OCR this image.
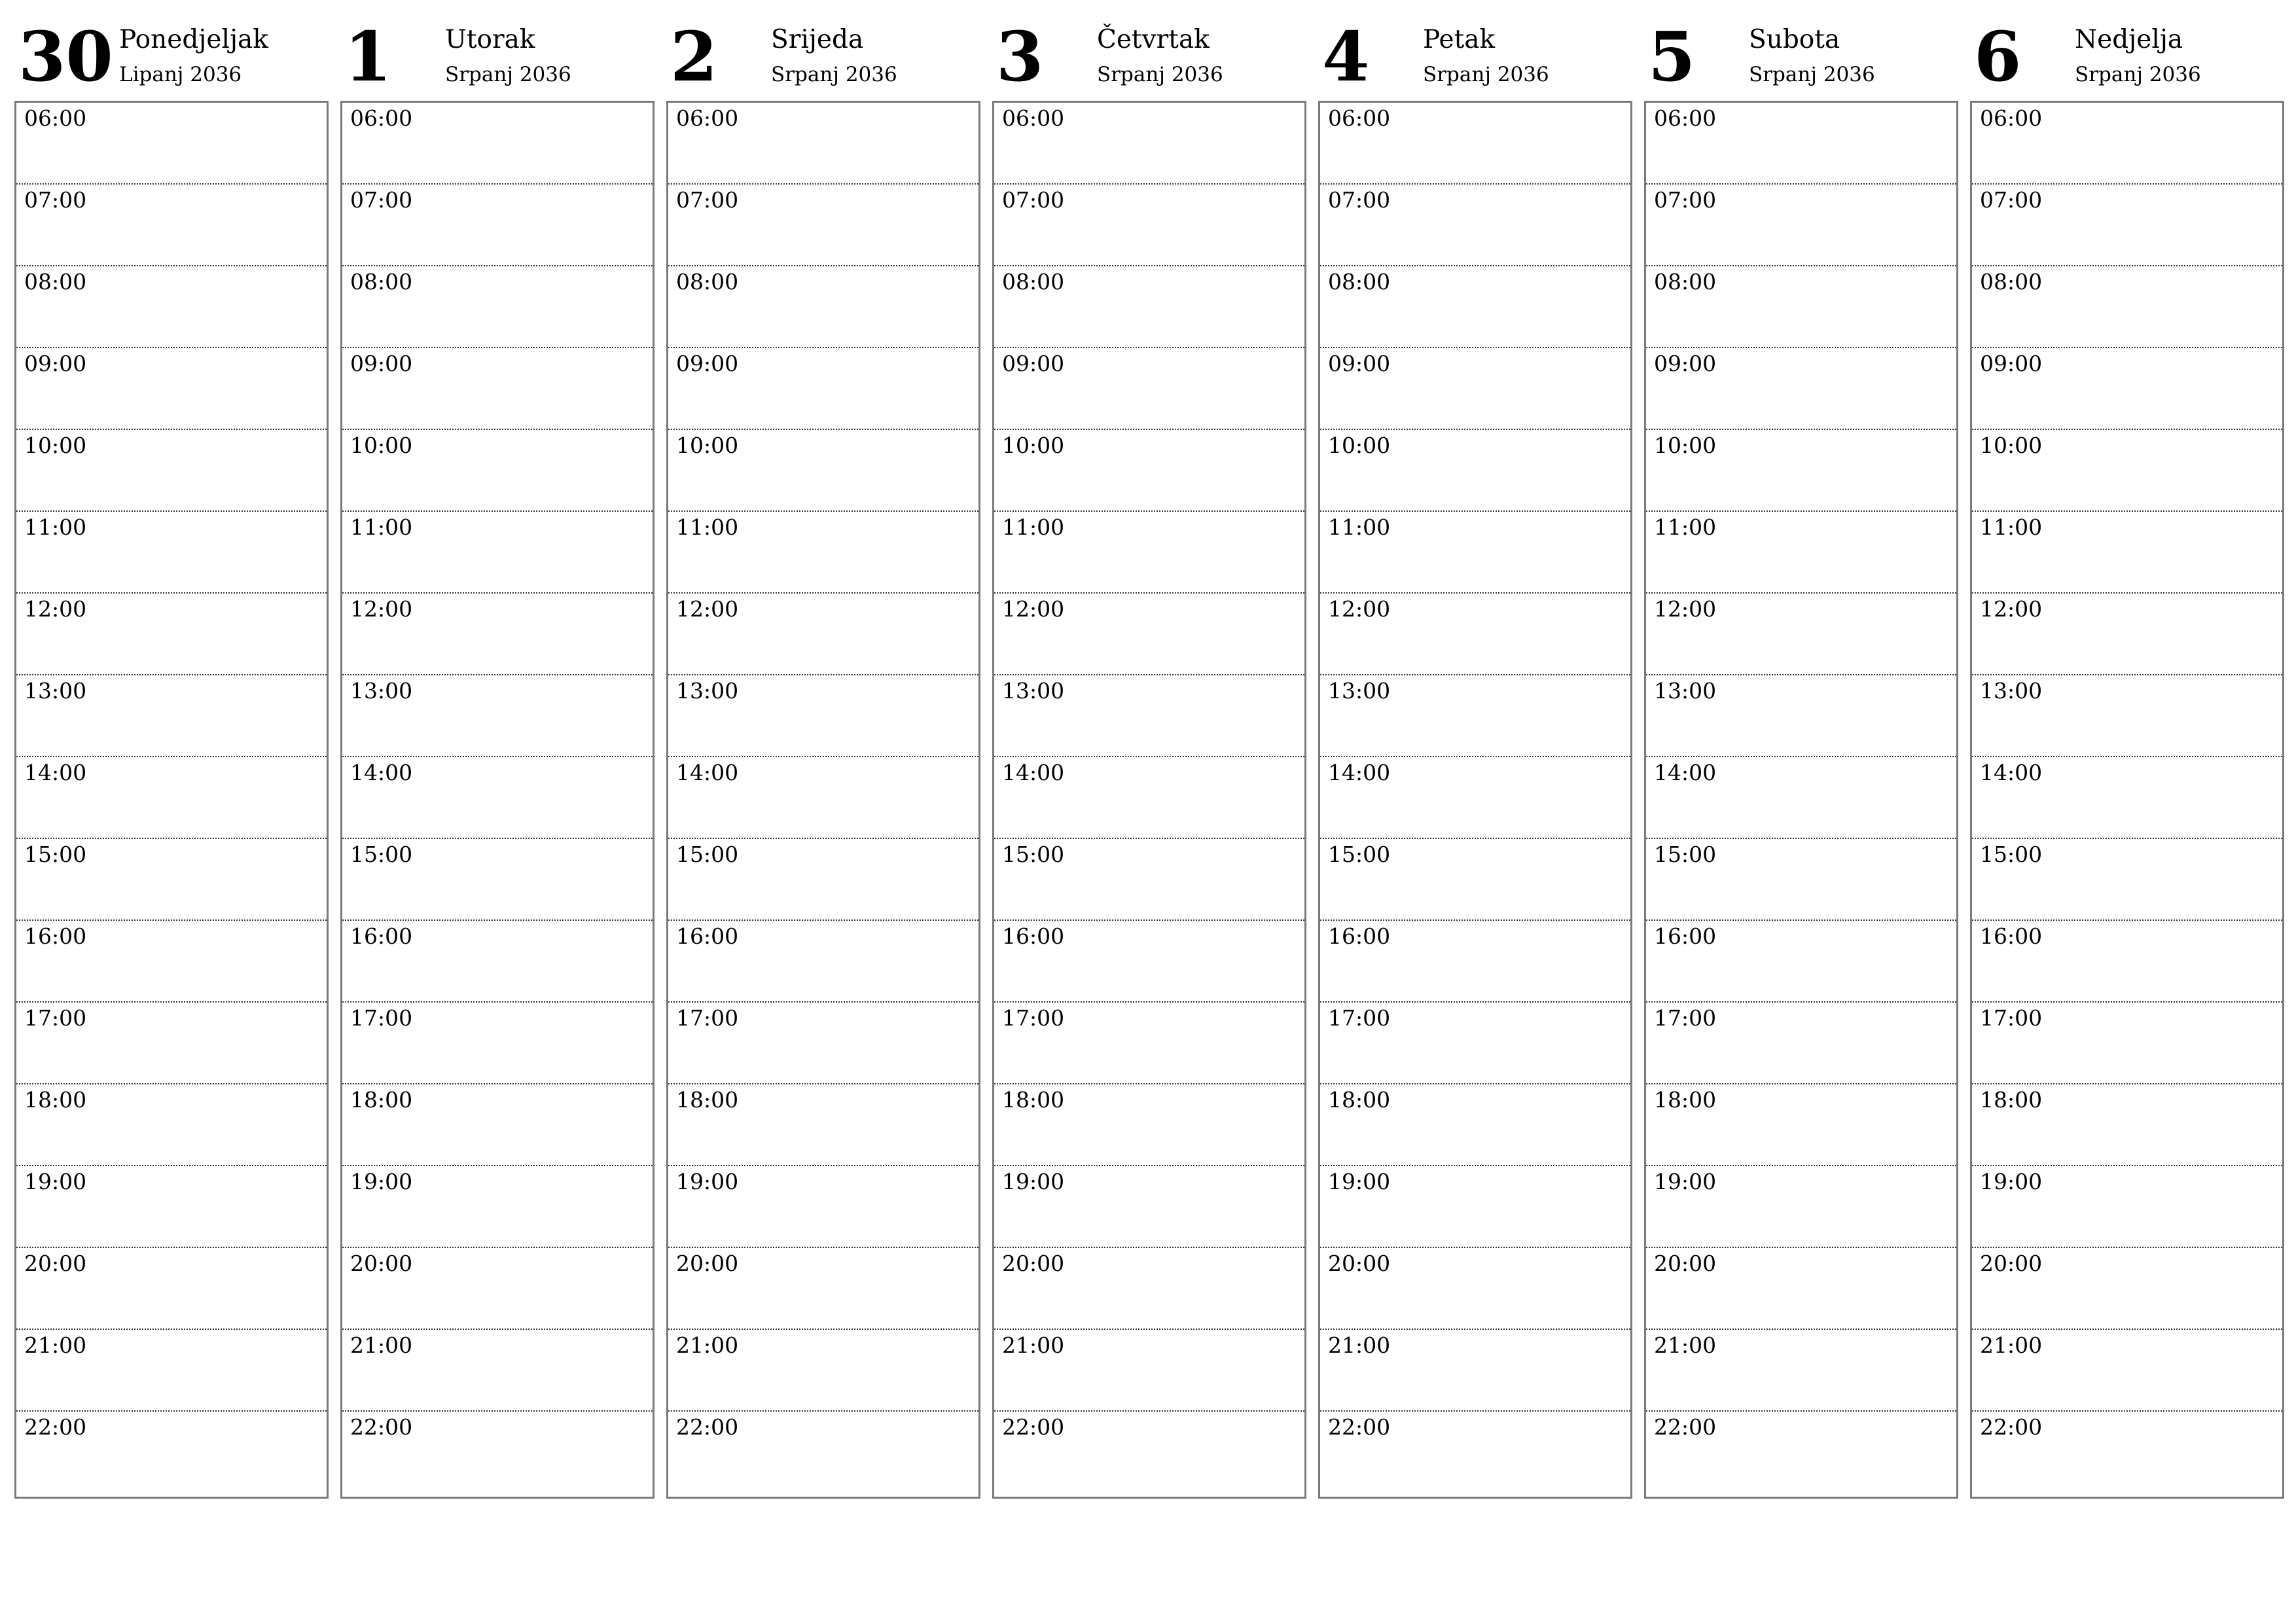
30 Ponedjeljak
Lipanj 2036
06:00
07:00
08:00
09:00
10:00
11:00
12:00
13:00
14:00
15:00
16:00
17:00
18:00
19:00
20:00
21:00
22:00
1 Utorak
Srpanj 2036
06:00
07:00
08:00
09:00
10:00
11:00
12:00
13:00
14:00
15:00
16:00
17:00
18:00
19:00
20:00
21:00
22:00
2 Srijeda
Srpanj 2036
06:00
07:00
08:00
09:00
10:00
11:00
12:00
13:00
14:00
15:00
16:00
17:00
18:00
19:00
20:00
21:00
22:00
3 Četvrtak
Srpanj 2036
06:00
07:00
08:00
09:00
10:00
11:00
12:00
13:00
14:00
15:00
16:00
17:00
18:00
19:00
20:00
21:00
22:00
4 Petak
Srpanj 2036
06:00
07:00
08:00
09:00
10:00
11:00
12:00
13:00
14:00
15:00
16:00
17:00
18:00
19:00
20:00
21:00
22:00
5 Subota
Srpanj 2036
06:00
07:00
08:00
09:00
10:00
11:00
12:00
13:00
14:00
15:00
16:00
17:00
18:00
19:00
20:00
21:00
22:00
6 Nedjelja
Srpanj 2036
06:00
07:00
08:00
09:00
10:00
11:00
12:00
13:00
14:00
15:00
16:00
17:00
18:00
19:00
20:00
21:00
22:00
